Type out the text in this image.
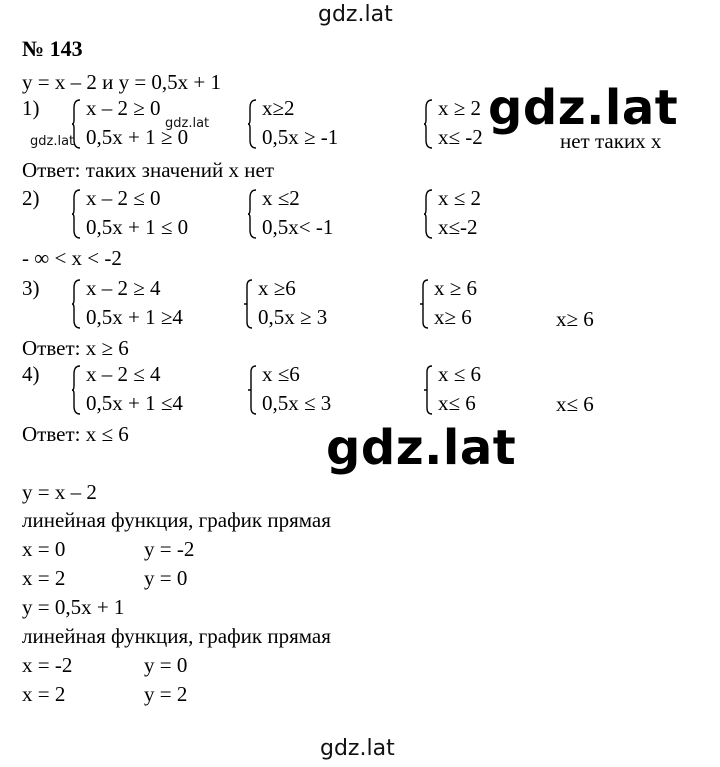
gdz.lat
gdz.lat
gdz.lat
gdz.lat
№ 143
y = x – 2 и y = 0,5x + 1
1) x – 2 ≥ 0
0,5x + 1 ≥ 0
gdz.lat
gdz.lat
x≥2
0,5x ≥ -1
x ≥ 2
x≤ -2	нет таких х
Ответ: таких значений х нет
2) x – 2 ≤ 0
0,5x + 1 ≤ 0
x ≤2
0,5x< -1
x ≤ 2
x≤-2
- ∞ < x < -2
3) x – 2 ≥ 4
0,5x + 1 ≥4
x ≥6
0,5x ≥ 3
x ≥ 6
x≥ 6	x≥ 6
Ответ: x ≥ 6
4) x – 2 ≤ 4
0,5x + 1 ≤4
x ≤6
0,5x ≤ 3
x ≤ 6
x≤ 6	x≤ 6
Ответ: x ≤ 6
y = x – 2
линейная функция, график прямая
x = 0	y = -2
x = 2	y = 0
y = 0,5x + 1
линейная функция, график прямая
x = -2	y = 0
x = 2	y = 2
